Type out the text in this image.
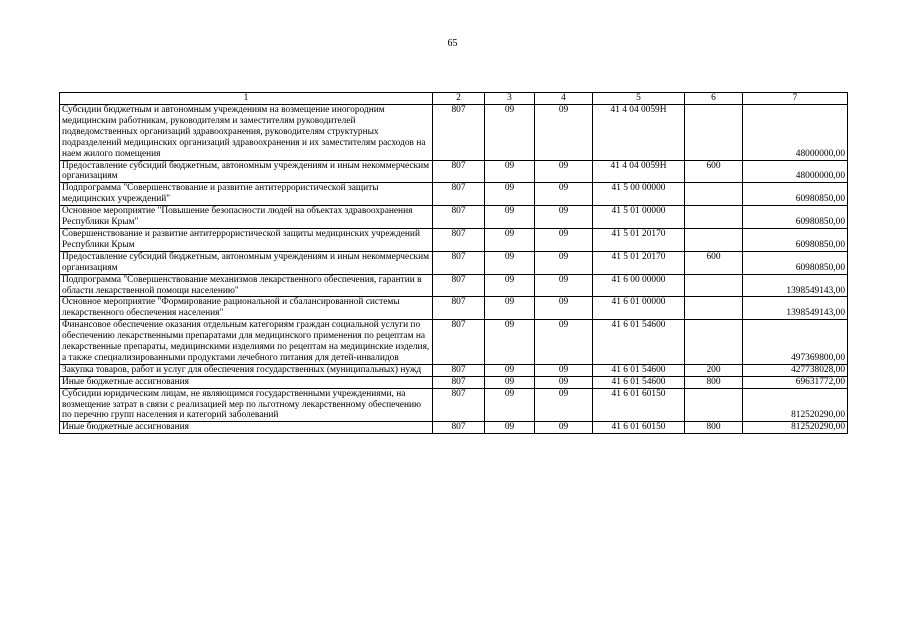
65
1	2	3	4	5	6	7
Субсидии бюджетным и автономным учреждениям на возмещение иногородним медицинским работникам, руководителям и заместителям руководителей подведомственных организаций здравоохранения, руководителям структурных подразделений медицинских организаций здравоохранения и их заместителям расходов на наем жилого помещения	807	09	09	41 4 04 0059Н		48000000,00
Предоставление субсидий бюджетным, автономным учреждениям и иным некоммерческим организациям	807	09	09	41 4 04 0059Н	600	48000000,00
Подпрограмма "Совершенствование и развитие антитеррористической защиты медицинских учреждений"	807	09	09	41 5 00 00000		60980850,00
Основное мероприятие "Повышение безопасности людей на объектах здравоохранения Республики Крым"	807	09	09	41 5 01 00000		60980850,00
Совершенствование и развитие антитеррористической защиты медицинских учреждений Республики Крым	807	09	09	41 5 01 20170		60980850,00
Предоставление субсидий бюджетным, автономным учреждениям и иным некоммерческим организациям	807	09	09	41 5 01 20170	600	60980850,00
Подпрограмма "Совершенствование механизмов лекарственного обеспечения, гарантии в области лекарственной помощи населению"	807	09	09	41 6 00 00000		1398549143,00
Основное мероприятие "Формирование рациональной и сбалансированной системы лекарственного обеспечения населения"	807	09	09	41 6 01 00000		1398549143,00
Финансовое обеспечение оказания отдельным категориям граждан социальной услуги по обеспечению лекарственными препаратами для медицинского применения по рецептам на лекарственные препараты, медицинскими изделиями по рецептам на медицинские изделия, а также специализированными продуктами лечебного питания для детей-инвалидов	807	09	09	41 6 01 54600		497369800,00
Закупка товаров, работ и услуг для обеспечения государственных (муниципальных) нужд	807	09	09	41 6 01 54600	200	427738028,00
Иные бюджетные ассигнования	807	09	09	41 6 01 54600	800	69631772,00
Субсидии юридическим лицам, не являющимся государственными учреждениями, на возмещение затрат в связи с реализацией мер по льготному лекарственному обеспечению по перечню групп населения и категорий заболеваний	807	09	09	41 6 01 60150		812520290,00
Иные бюджетные ассигнования	807	09	09	41 6 01 60150	800	812520290,00
